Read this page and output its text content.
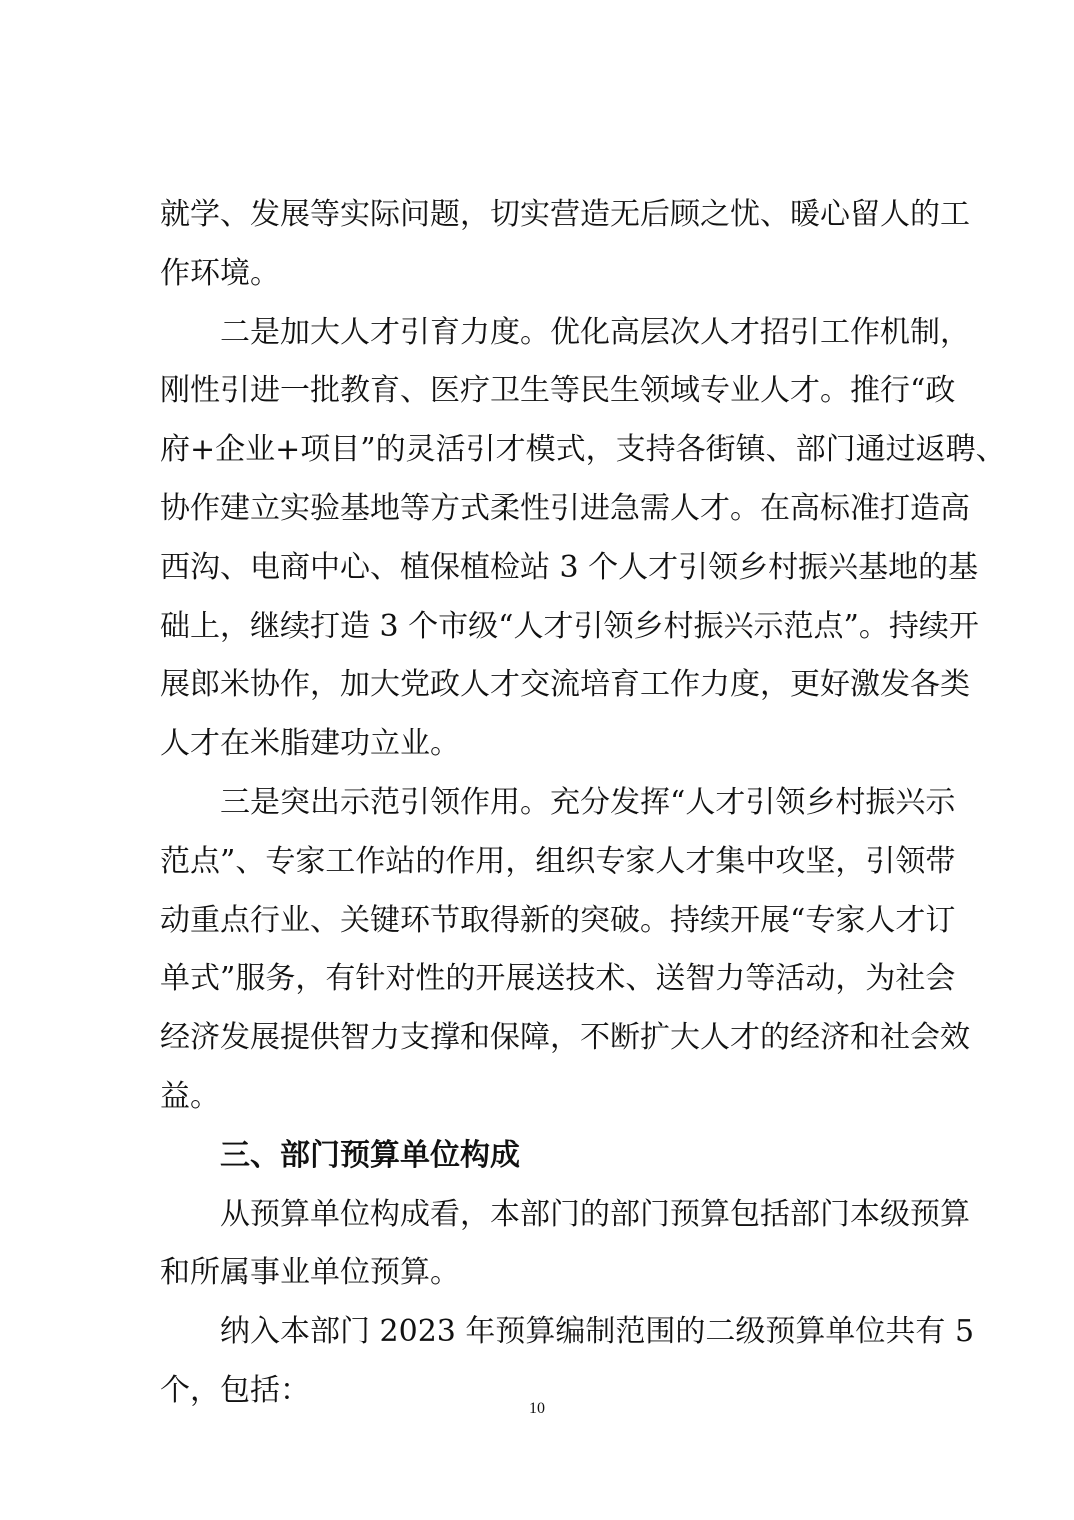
就学、发展等实际问题，切实营造无后顾之忧、暖心留人的工
作环境。
二是加大人才引育力度。优化高层次人才招引工作机制，
刚性引进一批教育、医疗卫生等民生领域专业人才。推行“政
府+企业+项目”的灵活引才模式，支持各街镇、部门通过返聘、
协作建立实验基地等方式柔性引进急需人才。在高标准打造高
西沟、电商中心、植保植检站 3 个人才引领乡村振兴基地的基
础上，继续打造 3 个市级“人才引领乡村振兴示范点”。持续开
展郎米协作，加大党政人才交流培育工作力度，更好激发各类
人才在米脂建功立业。
三是突出示范引领作用。充分发挥“人才引领乡村振兴示
范点”、专家工作站的作用，组织专家人才集中攻坚，引领带
动重点行业、关键环节取得新的突破。持续开展“专家人才订
单式”服务，有针对性的开展送技术、送智力等活动，为社会
经济发展提供智力支撑和保障，不断扩大人才的经济和社会效
益。
三、部门预算单位构成
从预算单位构成看，本部门的部门预算包括部门本级预算
和所属事业单位预算。
纳入本部门 2023 年预算编制范围的二级预算单位共有 5
个，包括：
10
